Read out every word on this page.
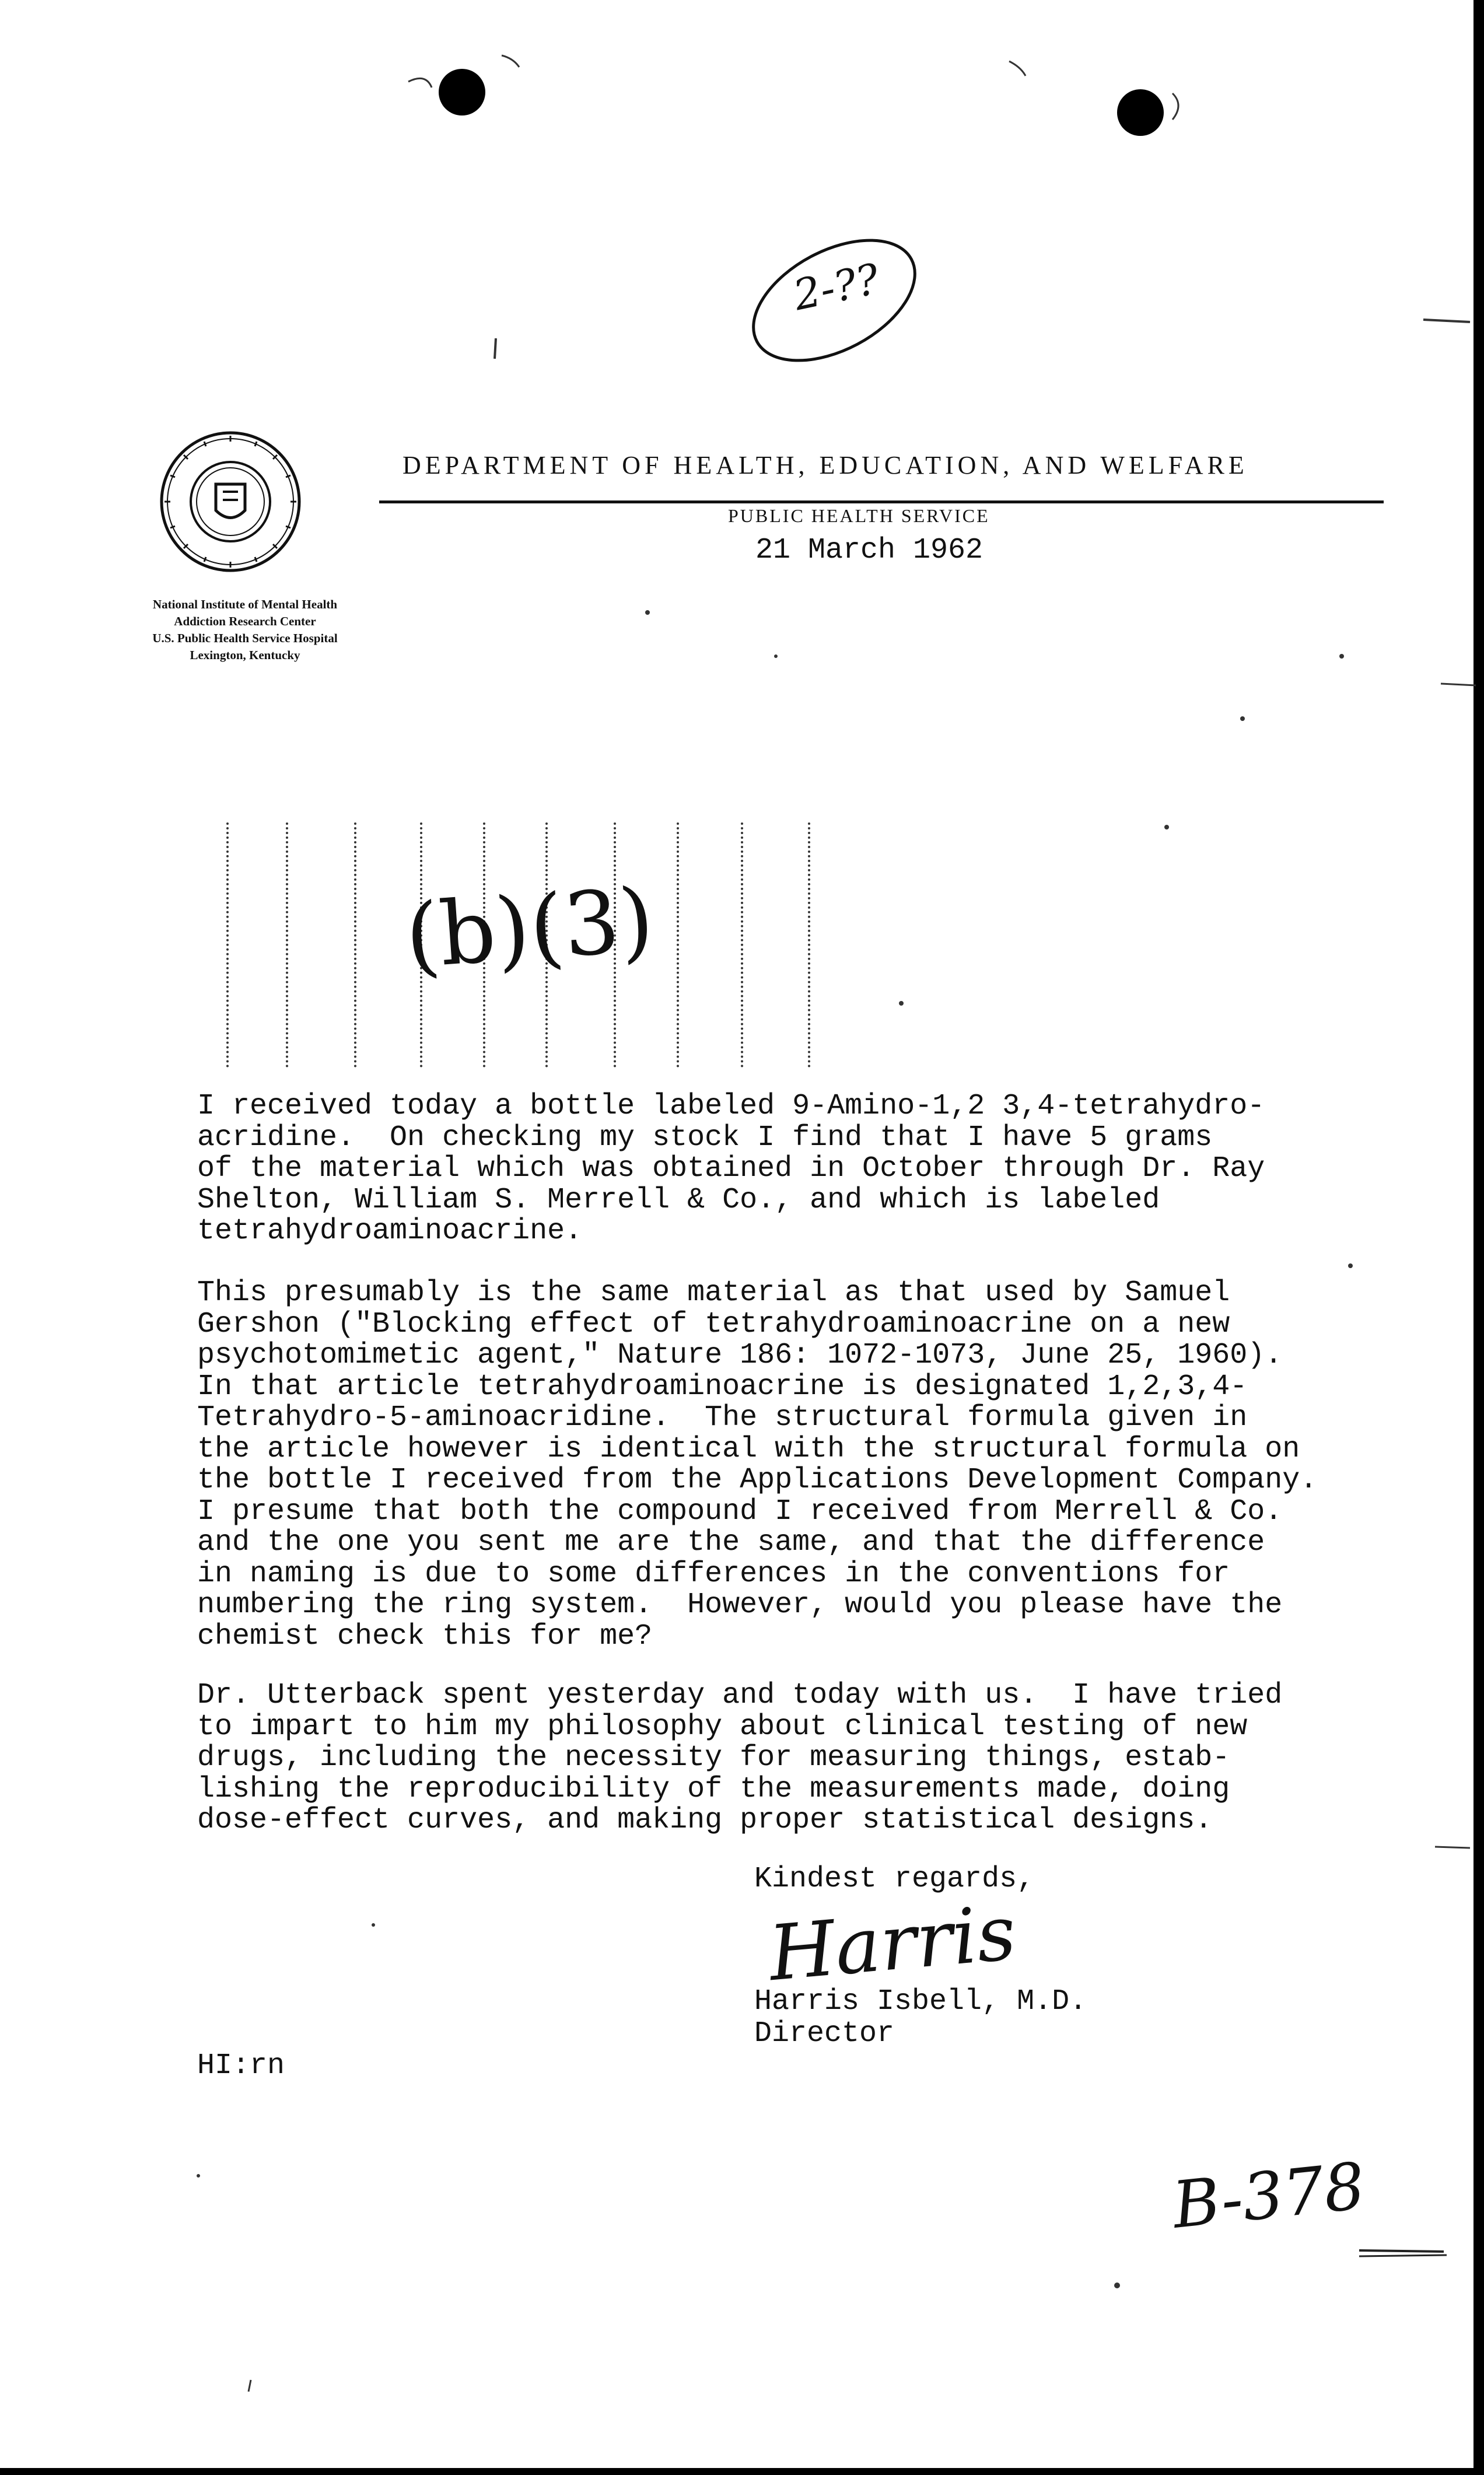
2-??
DEPARTMENT OF HEALTH, EDUCATION, AND WELFARE
PUBLIC HEALTH SERVICE
21 March 1962
National Institute of Mental Health
Addiction Research Center
U.S. Public Health Service Hospital
Lexington, Kentucky
(b)(3)
I received today a bottle labeled 9-Amino-1,2 3,4-tetrahydro-
acridine.  On checking my stock I find that I have 5 grams
of the material which was obtained in October through Dr. Ray
Shelton, William S. Merrell & Co., and which is labeled
tetrahydroaminoacrine.
This presumably is the same material as that used by Samuel
Gershon ("Blocking effect of tetrahydroaminoacrine on a new
psychotomimetic agent," Nature 186: 1072-1073, June 25, 1960).
In that article tetrahydroaminoacrine is designated 1,2,3,4-
Tetrahydro-5-aminoacridine.  The structural formula given in
the article however is identical with the structural formula on
the bottle I received from the Applications Development Company.
I presume that both the compound I received from Merrell & Co.
and the one you sent me are the same, and that the difference
in naming is due to some differences in the conventions for
numbering the ring system.  However, would you please have the
chemist check this for me?
Dr. Utterback spent yesterday and today with us.  I have tried
to impart to him my philosophy about clinical testing of new
drugs, including the necessity for measuring things, estab-
lishing the reproducibility of the measurements made, doing
dose-effect curves, and making proper statistical designs.
Kindest regards,
Harris
Harris Isbell, M.D.
Director
HI:rn
B-378
